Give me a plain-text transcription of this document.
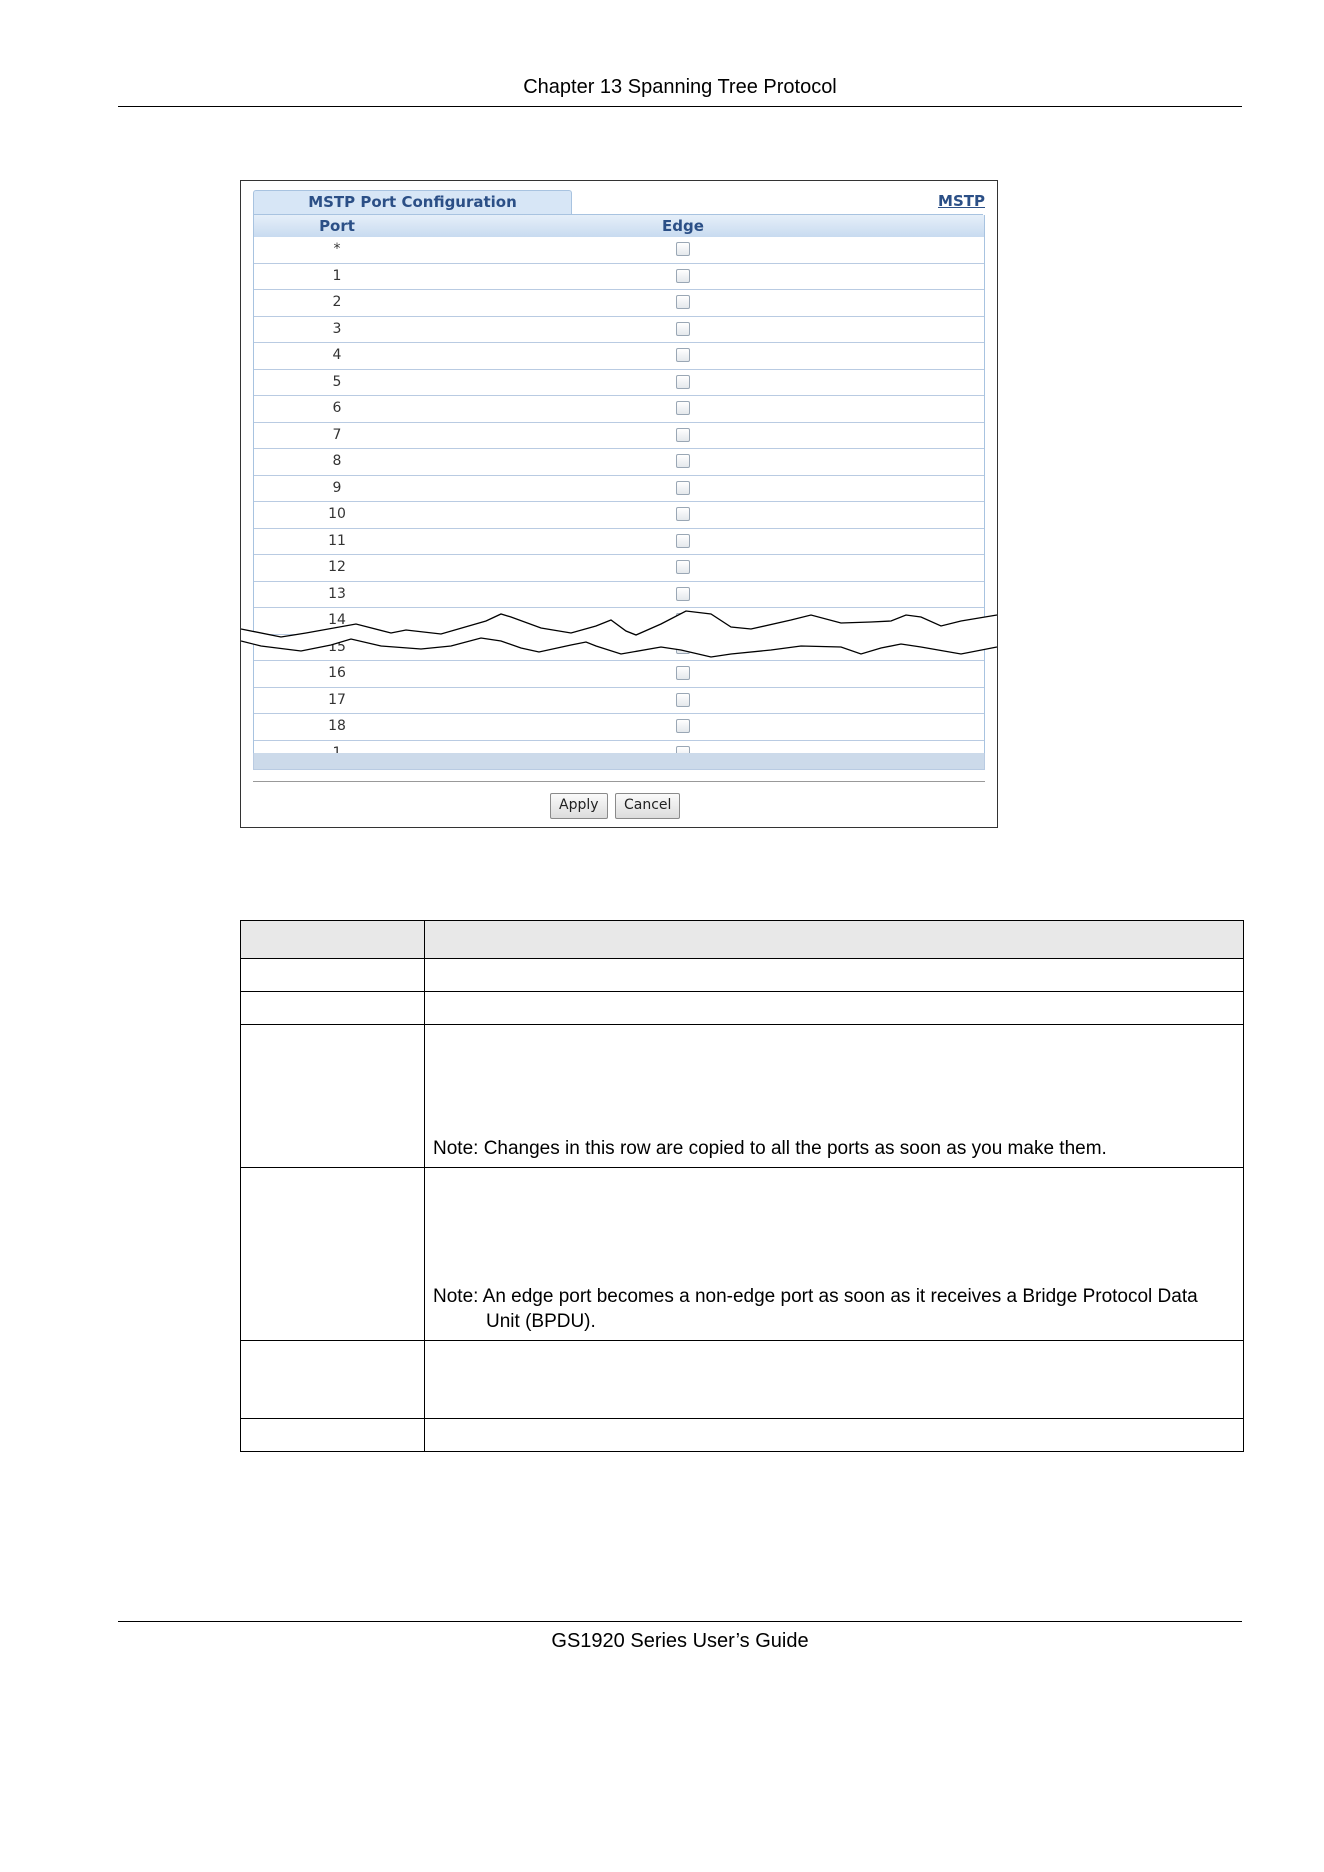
Chapter 13 Spanning Tree Protocol
MSTP Port Configuration	MSTP
Port	Edge
*
1
2
3
4
5
6
7
8
9
10
11
12
13
14
15
16
17
18
Apply	Cancel

	Note: Changes in this row are copied to all the ports as soon as you make them.

	Note: An edge port becomes a non-edge port as soon as it receives a Bridge Protocol Data Unit (BPDU).

GS1920 Series User’s Guide
